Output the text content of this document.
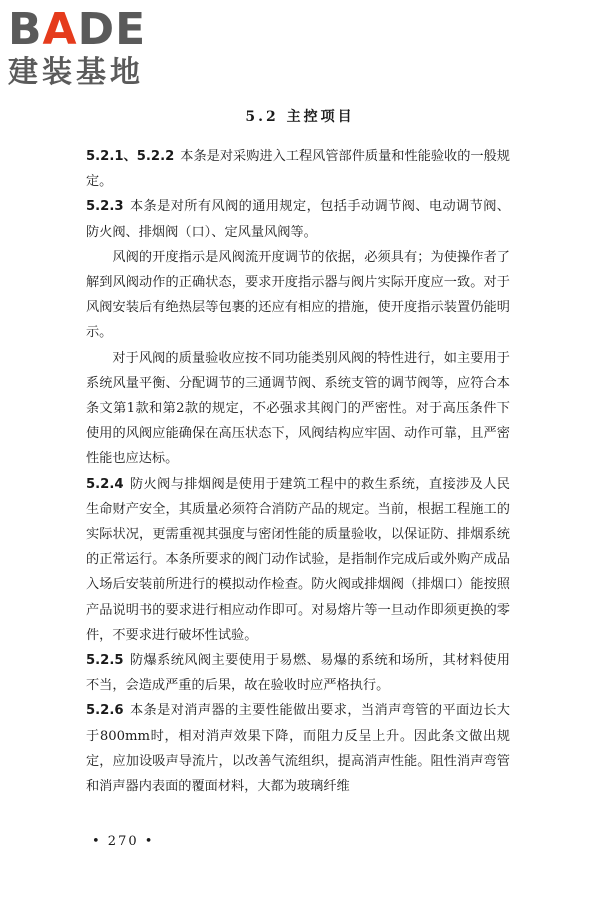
BADE
建装基地
5.2 主控项目

5.2.1、5.2.2 本条是对采购进入工程风管部件质量和性能验收的一般规定。

5.2.3 本条是对所有风阀的通用规定，包括手动调节阀、电动调节阀、防火阀、排烟阀（口）、定风量风阀等。

风阀的开度指示是风阀流开度调节的依据，必须具有；为使操作者了解到风阀动作的正确状态，要求开度指示器与阀片实际开度应一致。对于风阀安装后有绝热层等包裹的还应有相应的措施，使开度指示装置仍能明示。

对于风阀的质量验收应按不同功能类别风阀的特性进行，如主要用于系统风量平衡、分配调节的三通调节阀、系统支管的调节阀等，应符合本条文第1款和第2款的规定，不必强求其阀门的严密性。对于高压条件下使用的风阀应能确保在高压状态下，风阀结构应牢固、动作可靠，且严密性能也应达标。

5.2.4 防火阀与排烟阀是使用于建筑工程中的救生系统，直接涉及人民生命财产安全，其质量必须符合消防产品的规定。当前，根据工程施工的实际状况，更需重视其强度与密闭性能的质量验收，以保证防、排烟系统的正常运行。本条所要求的阀门动作试验，是指制作完成后或外购产成品入场后安装前所进行的模拟动作检查。防火阀或排烟阀（排烟口）能按照产品说明书的要求进行相应动作即可。对易熔片等一旦动作即须更换的零件，不要求进行破坏性试验。

5.2.5 防爆系统风阀主要使用于易燃、易爆的系统和场所，其材料使用不当，会造成严重的后果，故在验收时应严格执行。

5.2.6 本条是对消声器的主要性能做出要求，当消声弯管的平面边长大于800mm时，相对消声效果下降，而阻力反呈上升。因此条文做出规定，应加设吸声导流片，以改善气流组织，提高消声性能。阻性消声弯管和消声器内表面的覆面材料，大都为玻璃纤维

• 270 •
